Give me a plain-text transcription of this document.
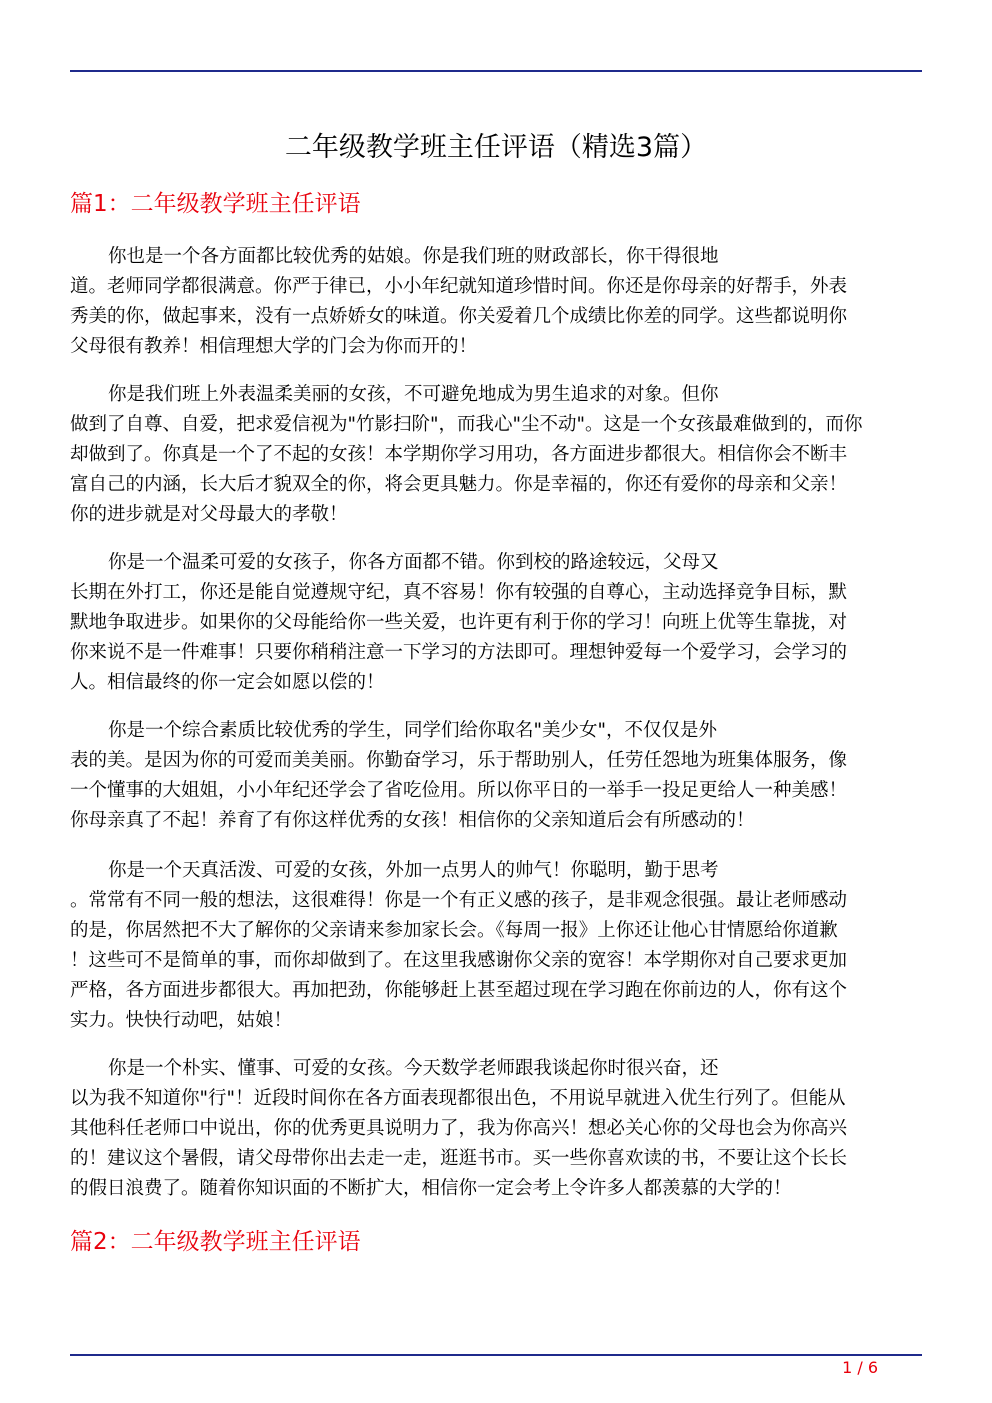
二年级教学班主任评语（精选3篇）
篇1：二年级教学班主任评语
你也是一个各方面都比较优秀的姑娘。你是我们班的财政部长，你干得很地
道。老师同学都很满意。你严于律已，小小年纪就知道珍惜时间。你还是你母亲的好帮手，外表
秀美的你，做起事来，没有一点娇娇女的味道。你关爱着几个成绩比你差的同学。这些都说明你
父母很有教养！相信理想大学的门会为你而开的！
你是我们班上外表温柔美丽的女孩，不可避免地成为男生追求的对象。但你
做到了自尊、自爱，把求爱信视为"竹影扫阶"，而我心"尘不动"。这是一个女孩最难做到的，而你
却做到了。你真是一个了不起的女孩！本学期你学习用功，各方面进步都很大。相信你会不断丰
富自己的内涵，长大后才貌双全的你，将会更具魅力。你是幸福的，你还有爱你的母亲和父亲！
你的进步就是对父母最大的孝敬！
你是一个温柔可爱的女孩子，你各方面都不错。你到校的路途较远，父母又
长期在外打工，你还是能自觉遵规守纪，真不容易！你有较强的自尊心，主动选择竞争目标，默
默地争取进步。如果你的父母能给你一些关爱，也许更有利于你的学习！向班上优等生靠拢，对
你来说不是一件难事！只要你稍稍注意一下学习的方法即可。理想钟爱每一个爱学习，会学习的
人。相信最终的你一定会如愿以偿的！
你是一个综合素质比较优秀的学生，同学们给你取名"美少女"，不仅仅是外
表的美。是因为你的可爱而美美丽。你勤奋学习，乐于帮助别人，任劳任怨地为班集体服务，像
一个懂事的大姐姐，小小年纪还学会了省吃俭用。所以你平日的一举手一投足更给人一种美感！
你母亲真了不起！养育了有你这样优秀的女孩！相信你的父亲知道后会有所感动的！
你是一个天真活泼、可爱的女孩，外加一点男人的帅气！你聪明，勤于思考
。常常有不同一般的想法，这很难得！你是一个有正义感的孩子，是非观念很强。最让老师感动
的是，你居然把不大了解你的父亲请来参加家长会。《每周一报》上你还让他心甘情愿给你道歉
！这些可不是简单的事，而你却做到了。在这里我感谢你父亲的宽容！本学期你对自己要求更加
严格，各方面进步都很大。再加把劲，你能够赶上甚至超过现在学习跑在你前边的人，你有这个
实力。快快行动吧，姑娘！
你是一个朴实、懂事、可爱的女孩。今天数学老师跟我谈起你时很兴奋，还
以为我不知道你"行"！近段时间你在各方面表现都很出色，不用说早就进入优生行列了。但能从
其他科任老师口中说出，你的优秀更具说明力了，我为你高兴！想必关心你的父母也会为你高兴
的！建议这个暑假，请父母带你出去走一走，逛逛书市。买一些你喜欢读的书，不要让这个长长
的假日浪费了。随着你知识面的不断扩大，相信你一定会考上令许多人都羡慕的大学的！
篇2：二年级教学班主任评语
1 / 6
